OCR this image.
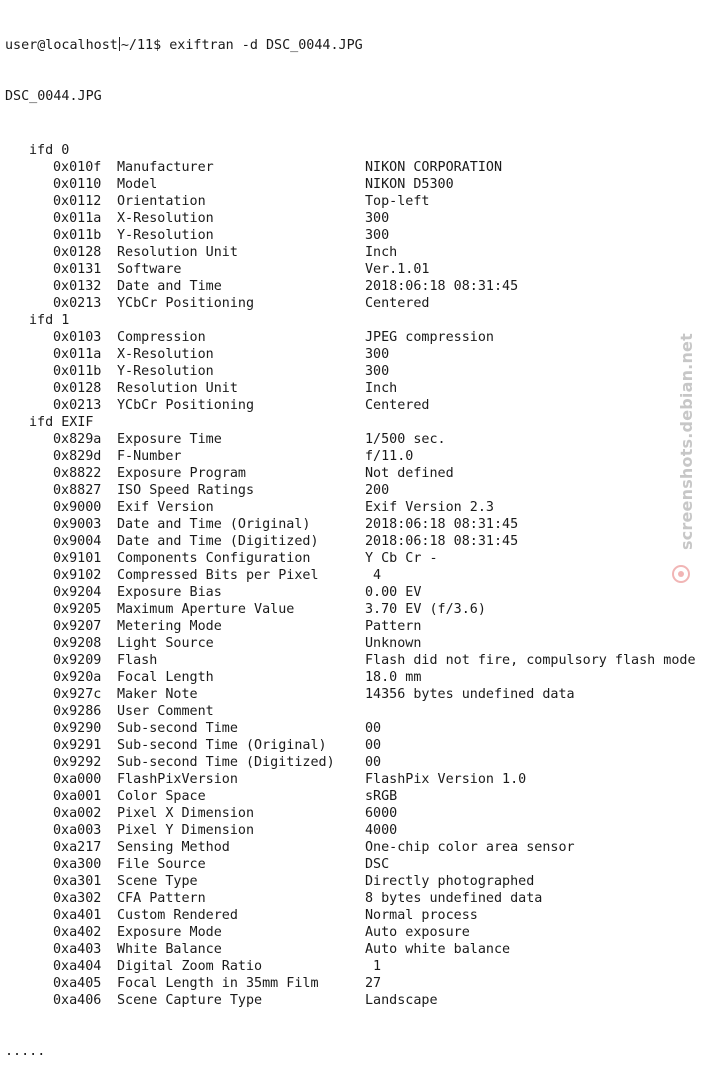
user@localhost ~/11$ exiftran -d DSC_0044.JPG

DSC_0044.JPG

ifd 0
0x010f Manufacturer	NIKON CORPORATION
0x0110 Model	NIKON D5300
0x0112 Orientation	Top-left
0x011a X-Resolution	300
0x011b Y-Resolution	300
0x0128 Resolution Unit	Inch
0x0131 Software	Ver.1.01
0x0132 Date and Time	2018:06:18 08:31:45
0x0213 YCbCr Positioning	Centered
ifd 1
0x0103 Compression	JPEG compression
0x011a X-Resolution	300
0x011b Y-Resolution	300
0x0128 Resolution Unit	Inch
0x0213 YCbCr Positioning	Centered
ifd EXIF
0x829a Exposure Time	1/500 sec.
0x829d F-Number	f/11.0
0x8822 Exposure Program	Not defined
0x8827 ISO Speed Ratings	200
0x9000 Exif Version	Exif Version 2.3
0x9003 Date and Time (Original)	2018:06:18 08:31:45
0x9004 Date and Time (Digitized)	2018:06:18 08:31:45
0x9101 Components Configuration	Y Cb Cr -
0x9102 Compressed Bits per Pixel	4
0x9204 Exposure Bias	0.00 EV
0x9205 Maximum Aperture Value	3.70 EV (f/3.6)
0x9207 Metering Mode	Pattern
0x9208 Light Source	Unknown
0x9209 Flash	Flash did not fire, compulsory flash mode
0x920a Focal Length	18.0 mm
0x927c Maker Note	14356 bytes undefined data
0x9286 User Comment
0x9290 Sub-second Time	00
0x9291 Sub-second Time (Original)	00
0x9292 Sub-second Time (Digitized) 00
0xa000 FlashPixVersion	FlashPix Version 1.0
0xa001 Color Space	sRGB
0xa002 Pixel X Dimension	6000
0xa003 Pixel Y Dimension	4000
0xa217 Sensing Method	One-chip color area sensor
0xa300 File Source	DSC
0xa301 Scene Type	Directly photographed
0xa302 CFA Pattern	8 bytes undefined data
0xa401 Custom Rendered	Normal process
0xa402 Exposure Mode	Auto exposure
0xa403 White Balance	Auto white balance
0xa404 Digital Zoom Ratio	1
0xa405 Focal Length in 35mm Film	27
0xa406 Scene Capture Type	Landscape

.....

screenshots.debian.net
